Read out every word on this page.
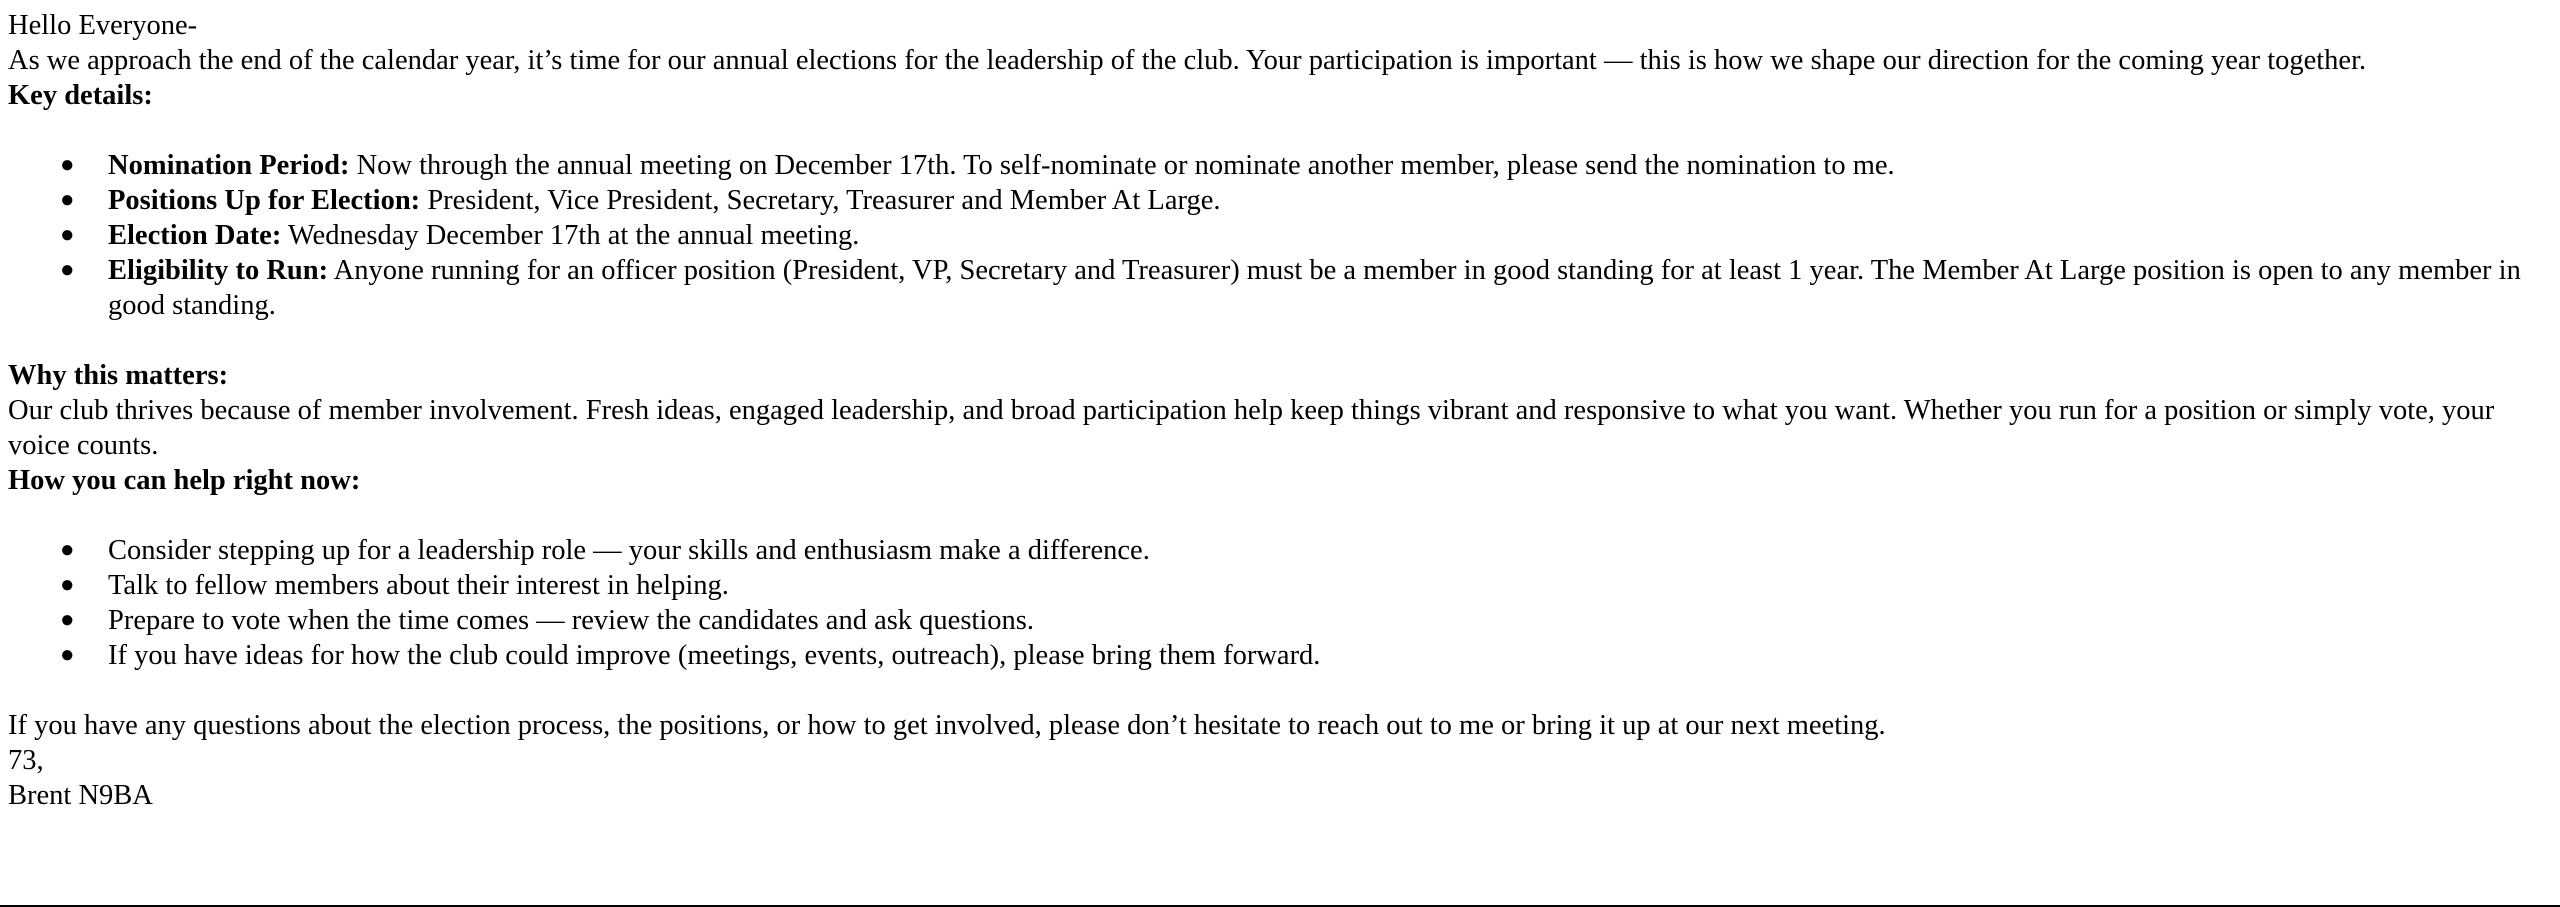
Hello Everyone-

As we approach the end of the calendar year, it’s time for our annual elections for the leadership of the club. Your participation is important — this is how we shape our direction for the coming year together.

Key details:

● Nomination Period: Now through the annual meeting on December 17th. To self-nominate or nominate another member, please send the nomination to me.
● Positions Up for Election: President, Vice President, Secretary, Treasurer and Member At Large.
● Election Date: Wednesday December 17th at the annual meeting.
● Eligibility to Run: Anyone running for an officer position (President, VP, Secretary and Treasurer) must be a member in good standing for at least 1 year. The Member At Large position is open to any member in good standing.

Why this matters:

Our club thrives because of member involvement. Fresh ideas, engaged leadership, and broad participation help keep things vibrant and responsive to what you want. Whether you run for a position or simply vote, your voice counts.

How you can help right now:

● Consider stepping up for a leadership role — your skills and enthusiasm make a difference.
● Talk to fellow members about their interest in helping.
● Prepare to vote when the time comes — review the candidates and ask questions.
● If you have ideas for how the club could improve (meetings, events, outreach), please bring them forward.

If you have any questions about the election process, the positions, or how to get involved, please don’t hesitate to reach out to me or bring it up at our next meeting.

73,

Brent N9BA
